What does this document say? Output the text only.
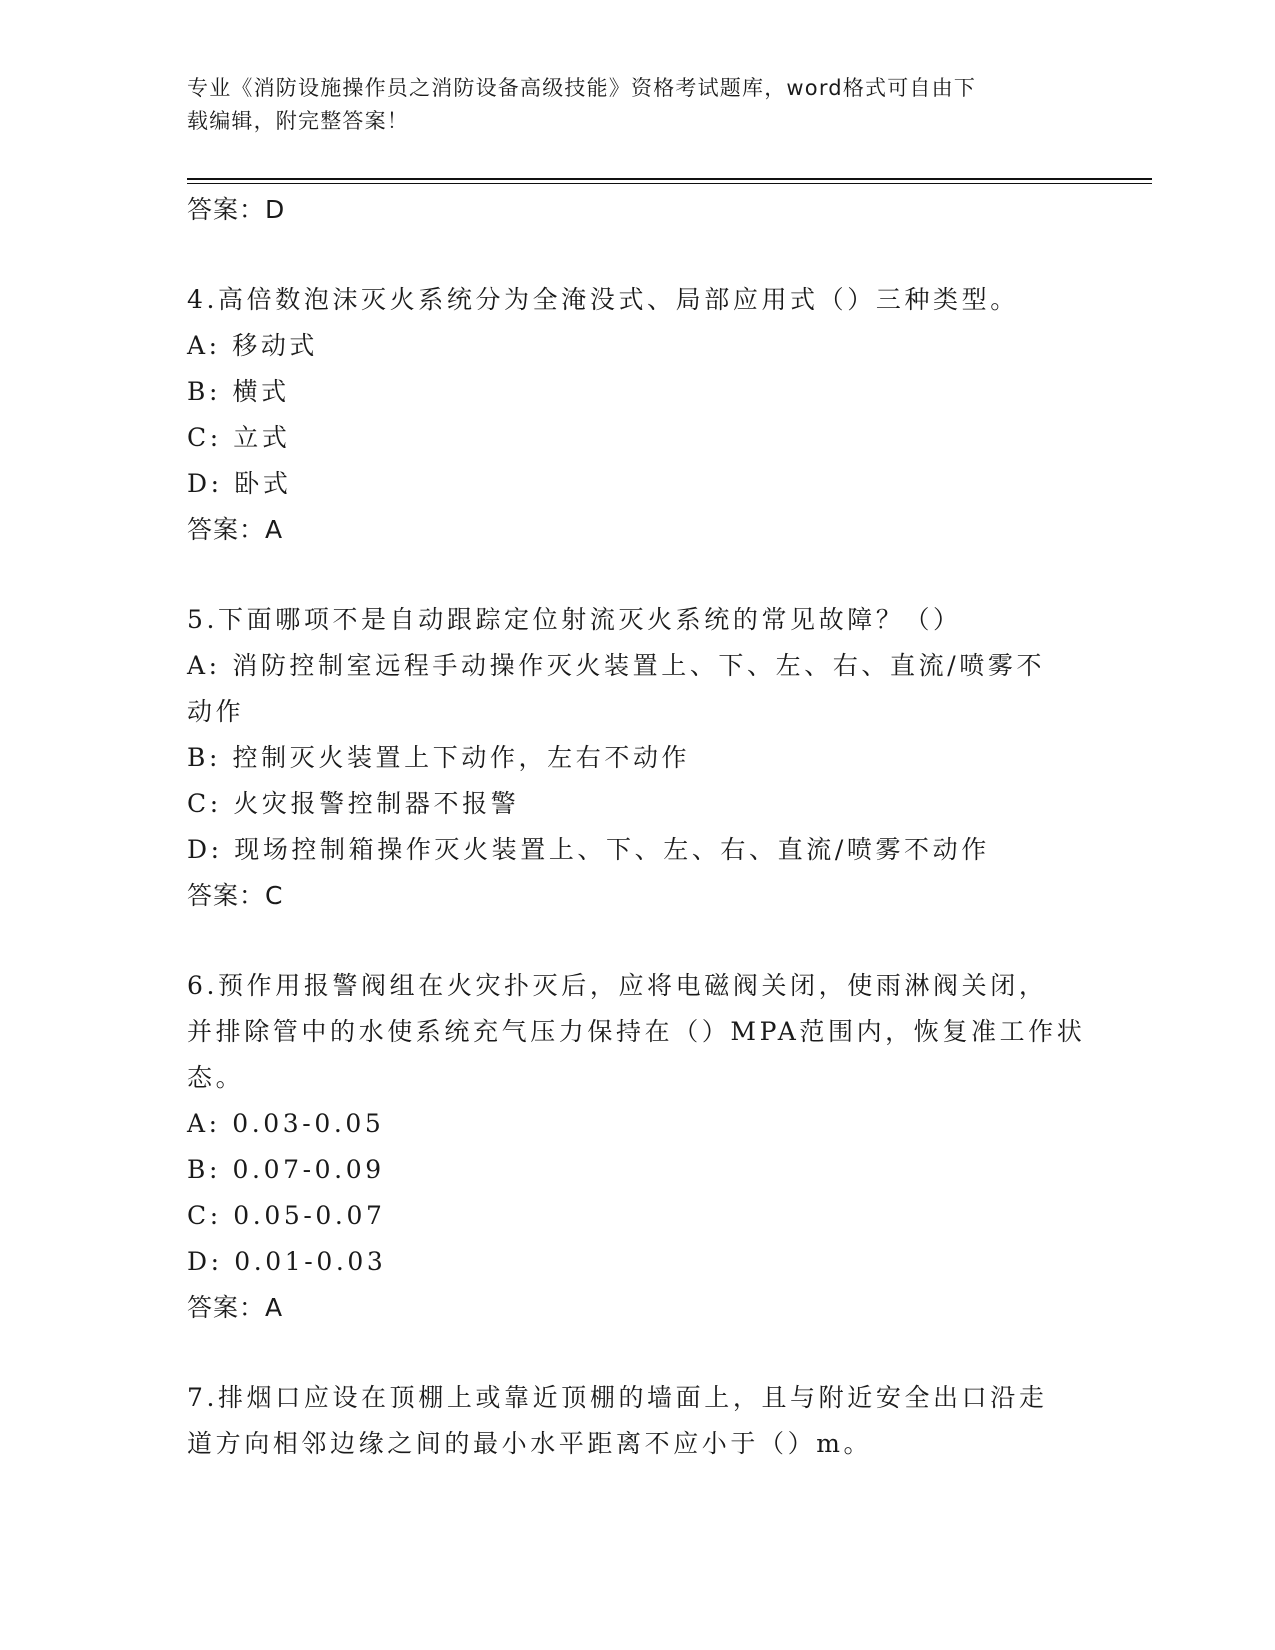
专业《消防设施操作员之消防设备高级技能》资格考试题库，word格式可自由下
载编辑，附完整答案！
答案：D
4.高倍数泡沫灭火系统分为全淹没式、局部应用式（）三种类型。
A: 移动式
B: 横式
C: 立式
D: 卧式
答案：A
5.下面哪项不是自动跟踪定位射流灭火系统的常见故障？（）
A: 消防控制室远程手动操作灭火装置上、下、左、右、直流/喷雾不
动作
B: 控制灭火装置上下动作，左右不动作
C: 火灾报警控制器不报警
D: 现场控制箱操作灭火装置上、下、左、右、直流/喷雾不动作
答案：C
6.预作用报警阀组在火灾扑灭后，应将电磁阀关闭，使雨淋阀关闭，
并排除管中的水使系统充气压力保持在（）MPA范围内，恢复准工作状
态。
A: 0.03-0.05
B: 0.07-0.09
C: 0.05-0.07
D: 0.01-0.03
答案：A
7.排烟口应设在顶棚上或靠近顶棚的墙面上，且与附近安全出口沿走
道方向相邻边缘之间的最小水平距离不应小于（）m。
